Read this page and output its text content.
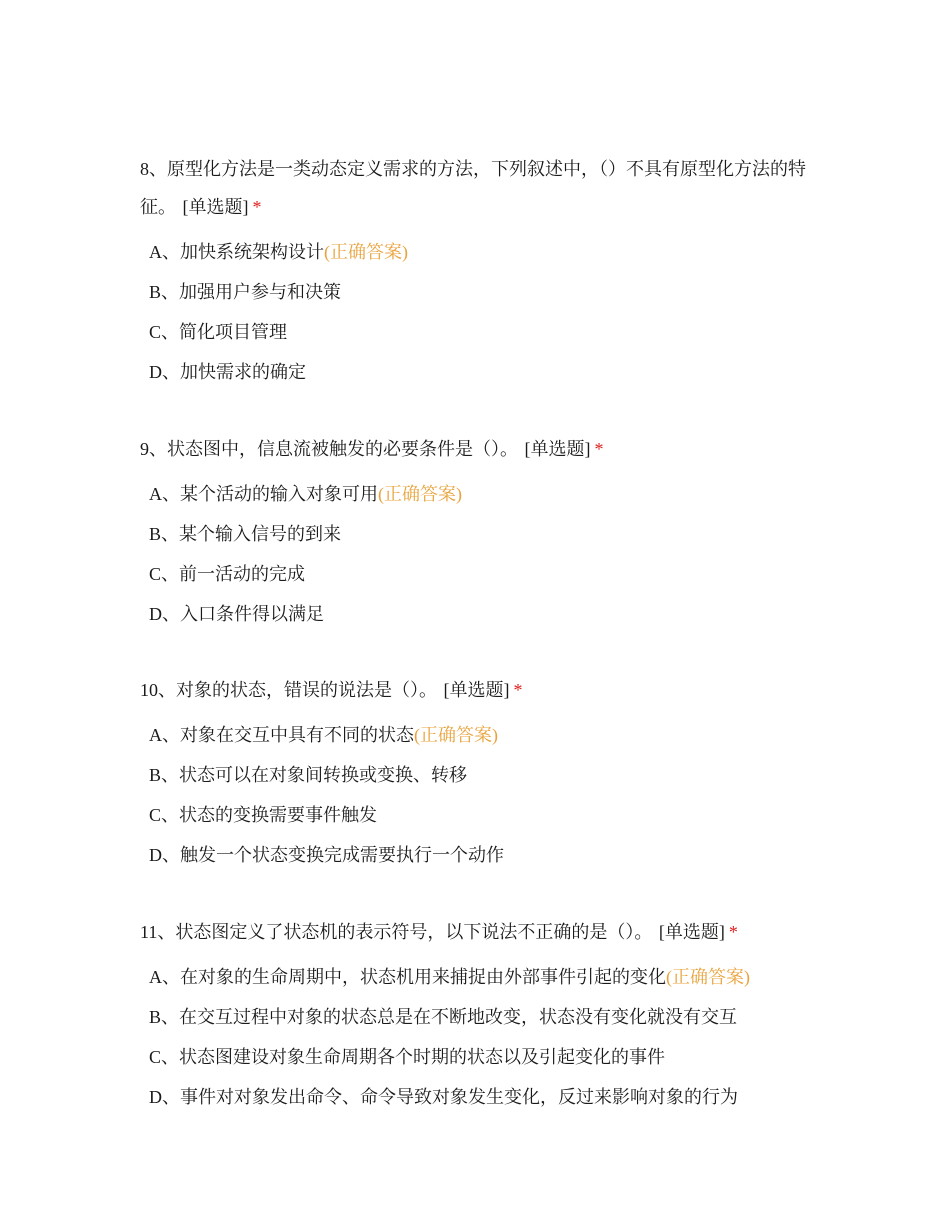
8、原型化方法是一类动态定义需求的方法，下列叙述中，（）不具有原型化方法的特征。 [单选题] *

A、加快系统架构设计(正确答案)
B、加强用户参与和决策
C、简化项目管理
D、加快需求的确定

9、状态图中，信息流被触发的必要条件是（）。 [单选题] *

A、某个活动的输入对象可用(正确答案)
B、某个输入信号的到来
C、前一活动的完成
D、入口条件得以满足

10、对象的状态，错误的说法是（）。 [单选题] *

A、对象在交互中具有不同的状态(正确答案)
B、状态可以在对象间转换或变换、转移
C、状态的变换需要事件触发
D、触发一个状态变换完成需要执行一个动作

11、状态图定义了状态机的表示符号，以下说法不正确的是（）。 [单选题] *

A、在对象的生命周期中，状态机用来捕捉由外部事件引起的变化(正确答案)
B、在交互过程中对象的状态总是在不断地改变，状态没有变化就没有交互
C、状态图建设对象生命周期各个时期的状态以及引起变化的事件
D、事件对对象发出命令、命令导致对象发生变化，反过来影响对象的行为
